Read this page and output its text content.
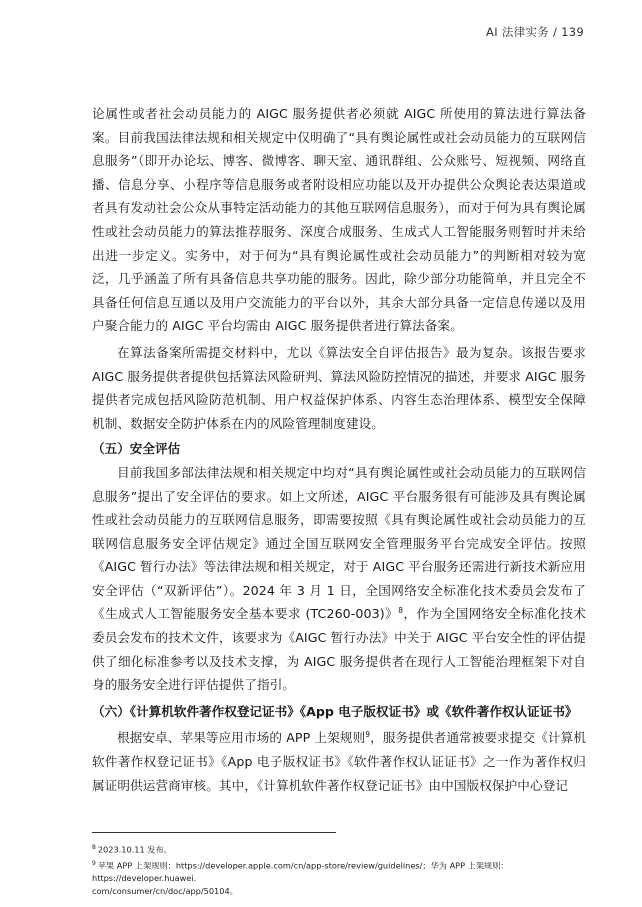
AI 法律实务 / 139

论属性或者社会动员能力的 AIGC 服务提供者必须就 AIGC 所使用的算法进行算法备案。目前我国法律法规和相关规定中仅明确了“具有舆论属性或社会动员能力的互联网信息服务”（即开办论坛、博客、微博客、聊天室、通讯群组、公众账号、短视频、网络直播、信息分享、小程序等信息服务或者附设相应功能以及开办提供公众舆论表达渠道或者具有发动社会公众从事特定活动能力的其他互联网信息服务），而对于何为具有舆论属性或社会动员能力的算法推荐服务、深度合成服务、生成式人工智能服务则暂时并未给出进一步定义。实务中，对于何为“具有舆论属性或社会动员能力”的判断相对较为宽泛，几乎涵盖了所有具备信息共享功能的服务。因此，除少部分功能简单，并且完全不具备任何信息互通以及用户交流能力的平台以外，其余大部分具备一定信息传递以及用户聚合能力的 AIGC 平台均需由 AIGC 服务提供者进行算法备案。

在算法备案所需提交材料中，尤以《算法安全自评估报告》最为复杂。该报告要求 AIGC 服务提供者提供包括算法风险研判、算法风险防控情况的描述，并要求 AIGC 服务提供者完成包括风险防范机制、用户权益保护体系、内容生态治理体系、模型安全保障机制、数据安全防护体系在内的风险管理制度建设。

（五）安全评估

目前我国多部法律法规和相关规定中均对“具有舆论属性或社会动员能力的互联网信息服务”提出了安全评估的要求。如上文所述，AIGC 平台服务很有可能涉及具有舆论属性或社会动员能力的互联网信息服务，即需要按照《具有舆论属性或社会动员能力的互联网信息服务安全评估规定》通过全国互联网安全管理服务平台完成安全评估。按照《AIGC 暂行办法》等法律法规和相关规定，对于 AIGC 平台服务还需进行新技术新应用安全评估（“双新评估”）。2024 年 3 月 1 日，全国网络安全标准化技术委员会发布了《生成式人工智能服务安全基本要求 (TC260-003)》$^8$，作为全国网络安全标准化技术委员会发布的技术文件，该要求为《AIGC 暂行办法》中关于 AIGC 平台安全性的评估提供了细化标准参考以及技术支撑，为 AIGC 服务提供者在现行人工智能治理框架下对自身的服务安全进行评估提供了指引。

（六）《计算机软件著作权登记证书》《App 电子版权证书》或《软件著作权认证证书》

根据安卓、苹果等应用市场的 APP 上架规则$^9$，服务提供者通常被要求提交《计算机软件著作权登记证书》《App 电子版权证书》《软件著作权认证证书》之一作为著作权归属证明供运营商审核。其中，《计算机软件著作权登记证书》由中国版权保护中心登记

$^8$ 2023.10.11 发布。

$^9$ 苹果 APP 上架规则：https://developer.apple.com/cn/app-store/review/guidelines/；华为 APP 上架规则：https://developer.huawei.

com/consumer/cn/doc/app/50104。
